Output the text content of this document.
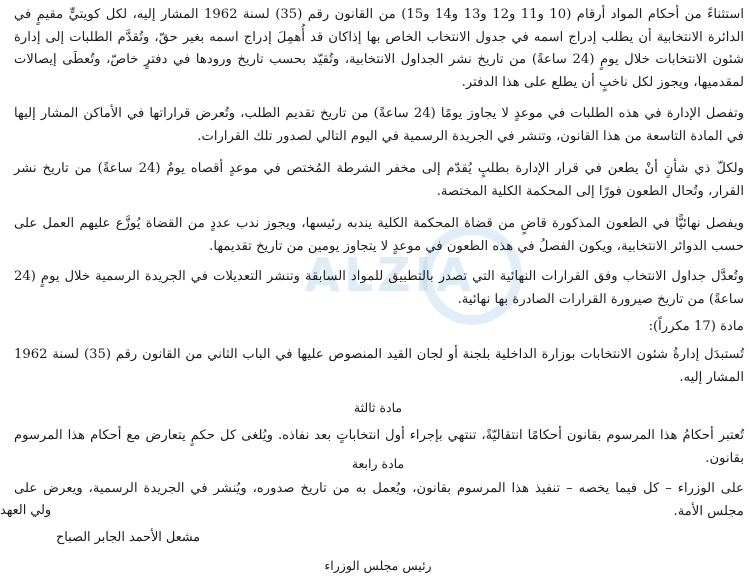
ALZIA

استثناءً من أحكام المواد أرقام (10 و11 و12 و13 و14 و15) من القانون رقم (35) لسنة 1962 المشار إليه، لكل كويتيٍّ مقيمٍ في الدائرة الانتخابية أن يطلب إدراج اسمه في جدول الانتخاب الخاص بها إذاكان قد أُهمِلَ إدراج اسمه بغير حقّ، وتُقدَّم الطلبات إلى إدارة شئون الانتخابات خلال يومٍ (24 ساعةً) من تاريخ نشر الجداول الانتخابية، وتُقيّد بحسب تاريخ ورودها في دفترٍ خاصّ، وتُعطَى إيصالات لمقدميها، ويجوز لكل ناخبٍ أن يطلع على هذا الدفتر.

وتفصل الإدارة في هذه الطلبات في موعدٍ لا يجاوز يومًا (24 ساعةً) من تاريخ تقديم الطلب، وتُعرض قراراتها في الأماكن المشار إليها في المادة التاسعة من هذا القانون، وتنشر في الجريدة الرسمية في اليوم التالي لصدور تلك القرارات.

ولكلّ ذي شأنٍ أنْ يطعن في قرار الإدارة بطلبٍ يُقدّم إلى مخفر الشرطة المُختص في موعدٍ أقصاه يومٌ (24 ساعةً) من تاريخ نشر القرار، وتُحال الطعون فورًا إلى المحكمة الكلية المختصة.

ويفصل نهائيًّا في الطعون المذكورة قاضٍ من قضاة المحكمة الكلية يندبه رئيسها، ويجوز ندب عددٍ من القضاة يُوزَّع عليهم العمل على حسب الدوائر الانتخابية، ويكون الفصلُ في هذه الطعون في موعدٍ لا يتجاوز يومين من تاريخ تقديمها.

وتُعدَّل جداول الانتخاب وفق القرارات النهائية التي تصدر بالتطبيق للمواد السابقة وتنشر التعديلات في الجريدة الرسمية خلال يومٍ (24 ساعةً) من تاريخ صيرورة القرارات الصادرة بها نهائية.

مادة (17 مكرراً):

تُستبدَل إدارةُ شئون الانتخابات بوزارة الداخلية بلجنة أو لجان القيد المنصوص عليها في الباب الثاني من القانون رقم (35) لسنة 1962 المشار إليه.

مادة ثالثة

تُعتبر أحكامُ هذا المرسوم بقانون أحكامًا انتقاليّةً، تنتهي بإجراء أول انتخاباتٍ بعد نفاذه. ويُلغى كل حكمٍ يتعارض مع أحكام هذا المرسوم بقانون.

مادة رابعة

على الوزراء – كل فيما يخصه – تنفيذ هذا المرسوم بقانون، ويُعمل به من تاريخ صدوره، ويُنشر في الجريدة الرسمية، ويعرض على مجلس الأمة.

ولي العهد

مشعل الأحمد الجابر الصباح

رئيس مجلس الوزراء
